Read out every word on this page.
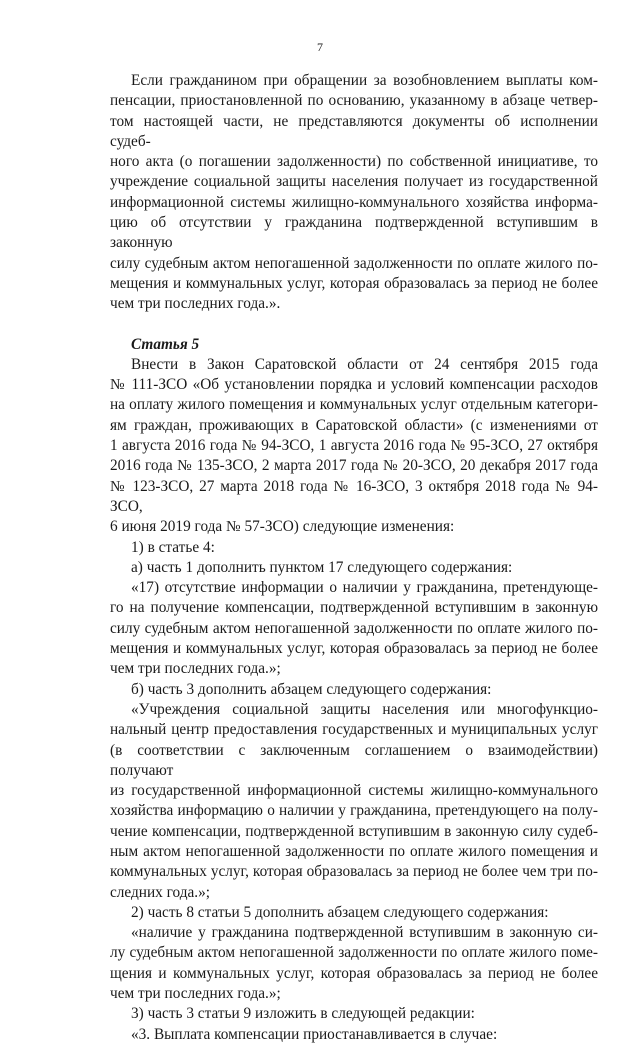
7

Если гражданином при обращении за возобновлением выплаты ком-

пенсации, приостановленной по основанию, указанному в абзаце четвер-

том настоящей части, не представляются документы об исполнении судеб-

ного акта (о погашении задолженности) по собственной инициативе, то

учреждение социальной защиты населения получает из государственной

информационной системы жилищно-коммунального хозяйства информа-

цию об отсутствии у гражданина подтвержденной вступившим в законную

силу судебным актом непогашенной задолженности по оплате жилого по-

мещения и коммунальных услуг, которая образовалась за период не более

чем три последних года.».

Статья 5

Внести в Закон Саратовской области от 24 сентября 2015 года

№ 111-ЗСО «Об установлении порядка и условий компенсации расходов

на оплату жилого помещения и коммунальных услуг отдельным категори-

ям граждан, проживающих в Саратовской области» (с изменениями от

1 августа 2016 года № 94-ЗСО, 1 августа 2016 года № 95-ЗСО, 27 октября

2016 года № 135-ЗСО, 2 марта 2017 года № 20-ЗСО, 20 декабря 2017 года

№ 123-ЗСО, 27 марта 2018 года № 16-ЗСО, 3 октября 2018 года № 94-ЗСО,

6 июня 2019 года № 57-ЗСО) следующие изменения:

1) в статье 4:

а) часть 1 дополнить пунктом 17 следующего содержания:

«17) отсутствие информации о наличии у гражданина, претендующе-

го на получение компенсации, подтвержденной вступившим в законную

силу судебным актом непогашенной задолженности по оплате жилого по-

мещения и коммунальных услуг, которая образовалась за период не более

чем три последних года.»;

б) часть 3 дополнить абзацем следующего содержания:

«Учреждения социальной защиты населения или многофункцио-

нальный центр предоставления государственных и муниципальных услуг

(в соответствии с заключенным соглашением о взаимодействии) получают

из государственной информационной системы жилищно-коммунального

хозяйства информацию о наличии у гражданина, претендующего на полу-

чение компенсации, подтвержденной вступившим в законную силу судеб-

ным актом непогашенной задолженности по оплате жилого помещения и

коммунальных услуг, которая образовалась за период не более чем три по-

следних года.»;

2) часть 8 статьи 5 дополнить абзацем следующего содержания:

«наличие у гражданина подтвержденной вступившим в законную си-

лу судебным актом непогашенной задолженности по оплате жилого поме-

щения и коммунальных услуг, которая образовалась за период не более

чем три последних года.»;

3) часть 3 статьи 9 изложить в следующей редакции:

«3. Выплата компенсации приостанавливается в случае:
